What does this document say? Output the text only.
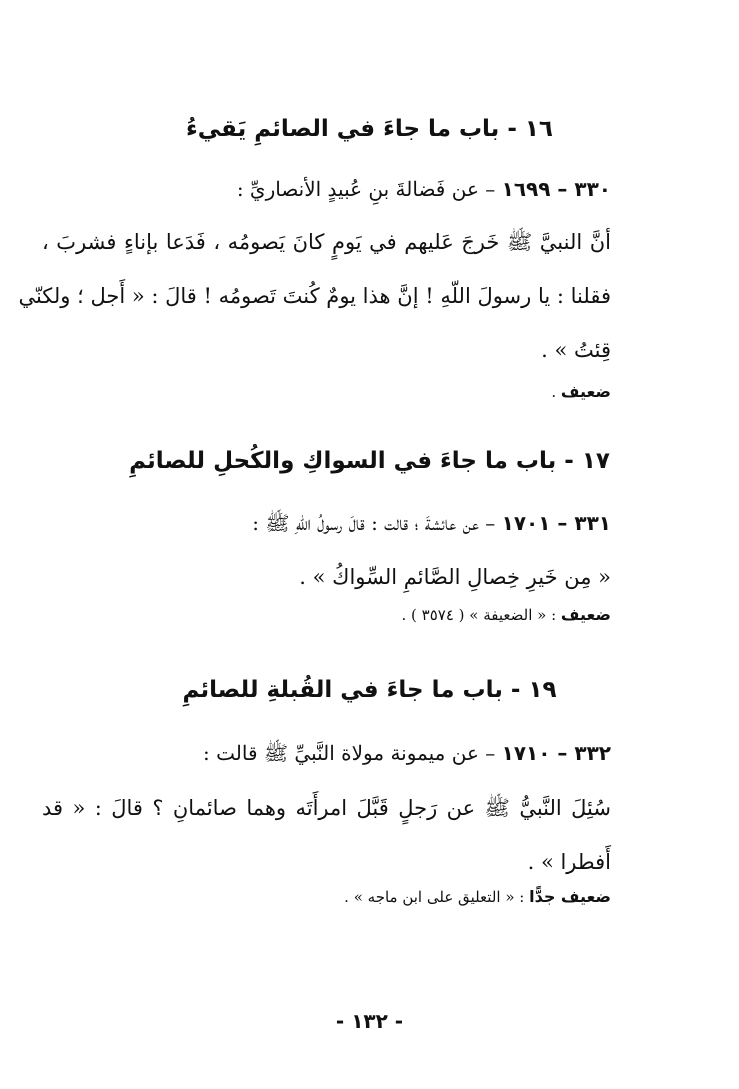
١٦ - باب ما جاءَ في الصائمِ يَقيءُ
٣٣٠ – ١٦٩٩ – عن فَضالةَ بنِ عُبيدٍ الأنصاريِّ :
أنَّ النبيَّ ﷺ خَرجَ عَليهم في يَومٍ كانَ يَصومُه ، فَدَعا بإناءٍ فشربَ ،
فقلنا : يا رسولَ اللّهِ ! إنَّ هذا يومٌ كُنتَ تَصومُه ! قالَ : « أَجل ؛ ولكنّي
قِئتُ » .
ضعيف .
١٧ - باب ما جاءَ في السواكِ والكُحلِ للصائمِ
٣٣١ – ١٧٠١ – عن عائشةَ ؛ قالت : قالَ رسولُ اللّهِ ﷺ :
« مِن خَيرِ خِصالِ الصَّائمِ السِّواكُ » .
ضعيف : « الضعيفة » ( ٣٥٧٤ ) .
١٩ - باب ما جاءَ في القُبلةِ للصائمِ
٣٣٢ – ١٧١٠ – عن ميمونة مولاة النَّبيِّ ﷺ قالت :
سُئِلَ النَّبيُّ ﷺ عن رَجلٍ قَبَّلَ امرأَتَه وهما صائمانِ ؟ قالَ : « قد
أَفطرا » .
ضعيف جدًّا : « التعليق على ابن ماجه » .
- ١٣٢ -
